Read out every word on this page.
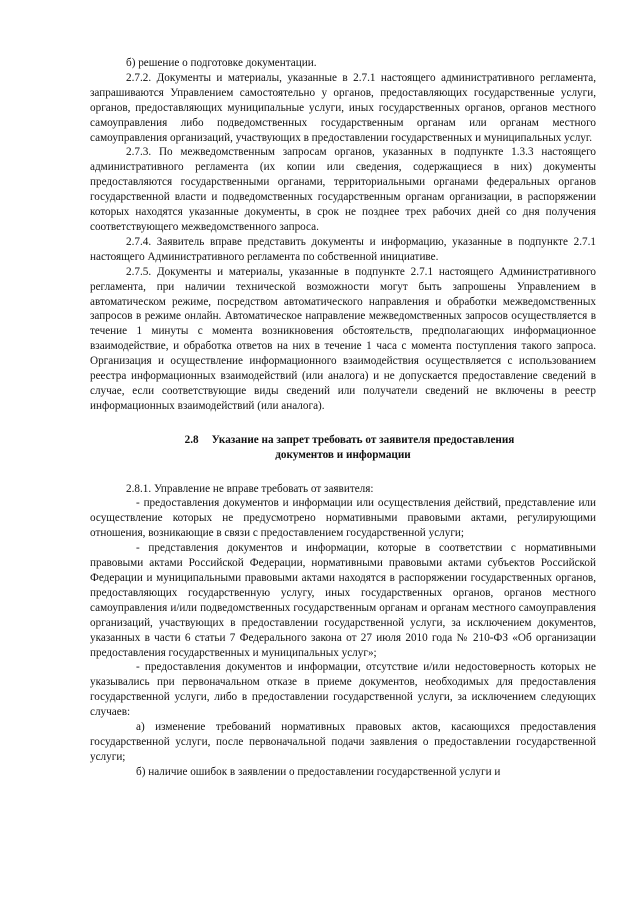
б) решение о подготовке документации.

2.7.2. Документы и материалы, указанные в 2.7.1 настоящего административного регламента, запрашиваются Управлением самостоятельно у органов, предоставляющих государственные услуги, органов, предоставляющих муниципальные услуги, иных государственных органов, органов местного самоуправления либо подведомственных государственным органам или органам местного самоуправления организаций, участвующих в предоставлении государственных и муниципальных услуг.

2.7.3. По межведомственным запросам органов, указанных в подпункте 1.3.3 настоящего административного регламента (их копии или сведения, содержащиеся в них) документы предоставляются государственными органами, территориальными органами федеральных органов государственной власти и подведомственных государственным органам организации, в распоряжении которых находятся указанные документы, в срок не позднее трех рабочих дней со дня получения соответствующего межведомственного запроса.

2.7.4. Заявитель вправе представить документы и информацию, указанные в подпункте 2.7.1 настоящего Административного регламента по собственной инициативе.

2.7.5. Документы и материалы, указанные в подпункте 2.7.1 настоящего Административного регламента, при наличии технической возможности могут быть запрошены Управлением в автоматическом режиме, посредством автоматического направления и обработки межведомственных запросов в режиме онлайн. Автоматическое направление межведомственных запросов осуществляется в течение 1 минуты с момента возникновения обстоятельств, предполагающих информационное взаимодействие, и обработка ответов на них в течение 1 часа с момента поступления такого запроса. Организация и осуществление информационного взаимодействия осуществляется с использованием реестра информационных взаимодействий (или аналога) и не допускается предоставление сведений в случае, если соответствующие виды сведений или получатели сведений не включены в реестр информационных взаимодействий (или аналога).

2.8 Указание на запрет требовать от заявителя предоставления
документов и информации

2.8.1. Управление не вправе требовать от заявителя:

- предоставления документов и информации или осуществления действий, представление или осуществление которых не предусмотрено нормативными правовыми актами, регулирующими отношения, возникающие в связи с предоставлением государственной услуги;

- представления документов и информации, которые в соответствии с нормативными правовыми актами Российской Федерации, нормативными правовыми актами субъектов Российской Федерации и муниципальными правовыми актами находятся в распоряжении государственных органов, предоставляющих государственную услугу, иных государственных органов, органов местного самоуправления и/или подведомственных государственным органам и органам местного самоуправления организаций, участвующих в предоставлении государственной услуги, за исключением документов, указанных в части 6 статьи 7 Федерального закона от 27 июля 2010 года № 210-ФЗ «Об организации предоставления государственных и муниципальных услуг»;

- предоставления документов и информации, отсутствие и/или недостоверность которых не указывались при первоначальном отказе в приеме документов, необходимых для предоставления государственной услуги, либо в предоставлении государственной услуги, за исключением следующих случаев:

а) изменение требований нормативных правовых актов, касающихся предоставления государственной услуги, после первоначальной подачи заявления о предоставлении государственной услуги;

б) наличие ошибок в заявлении о предоставлении государственной услуги и
